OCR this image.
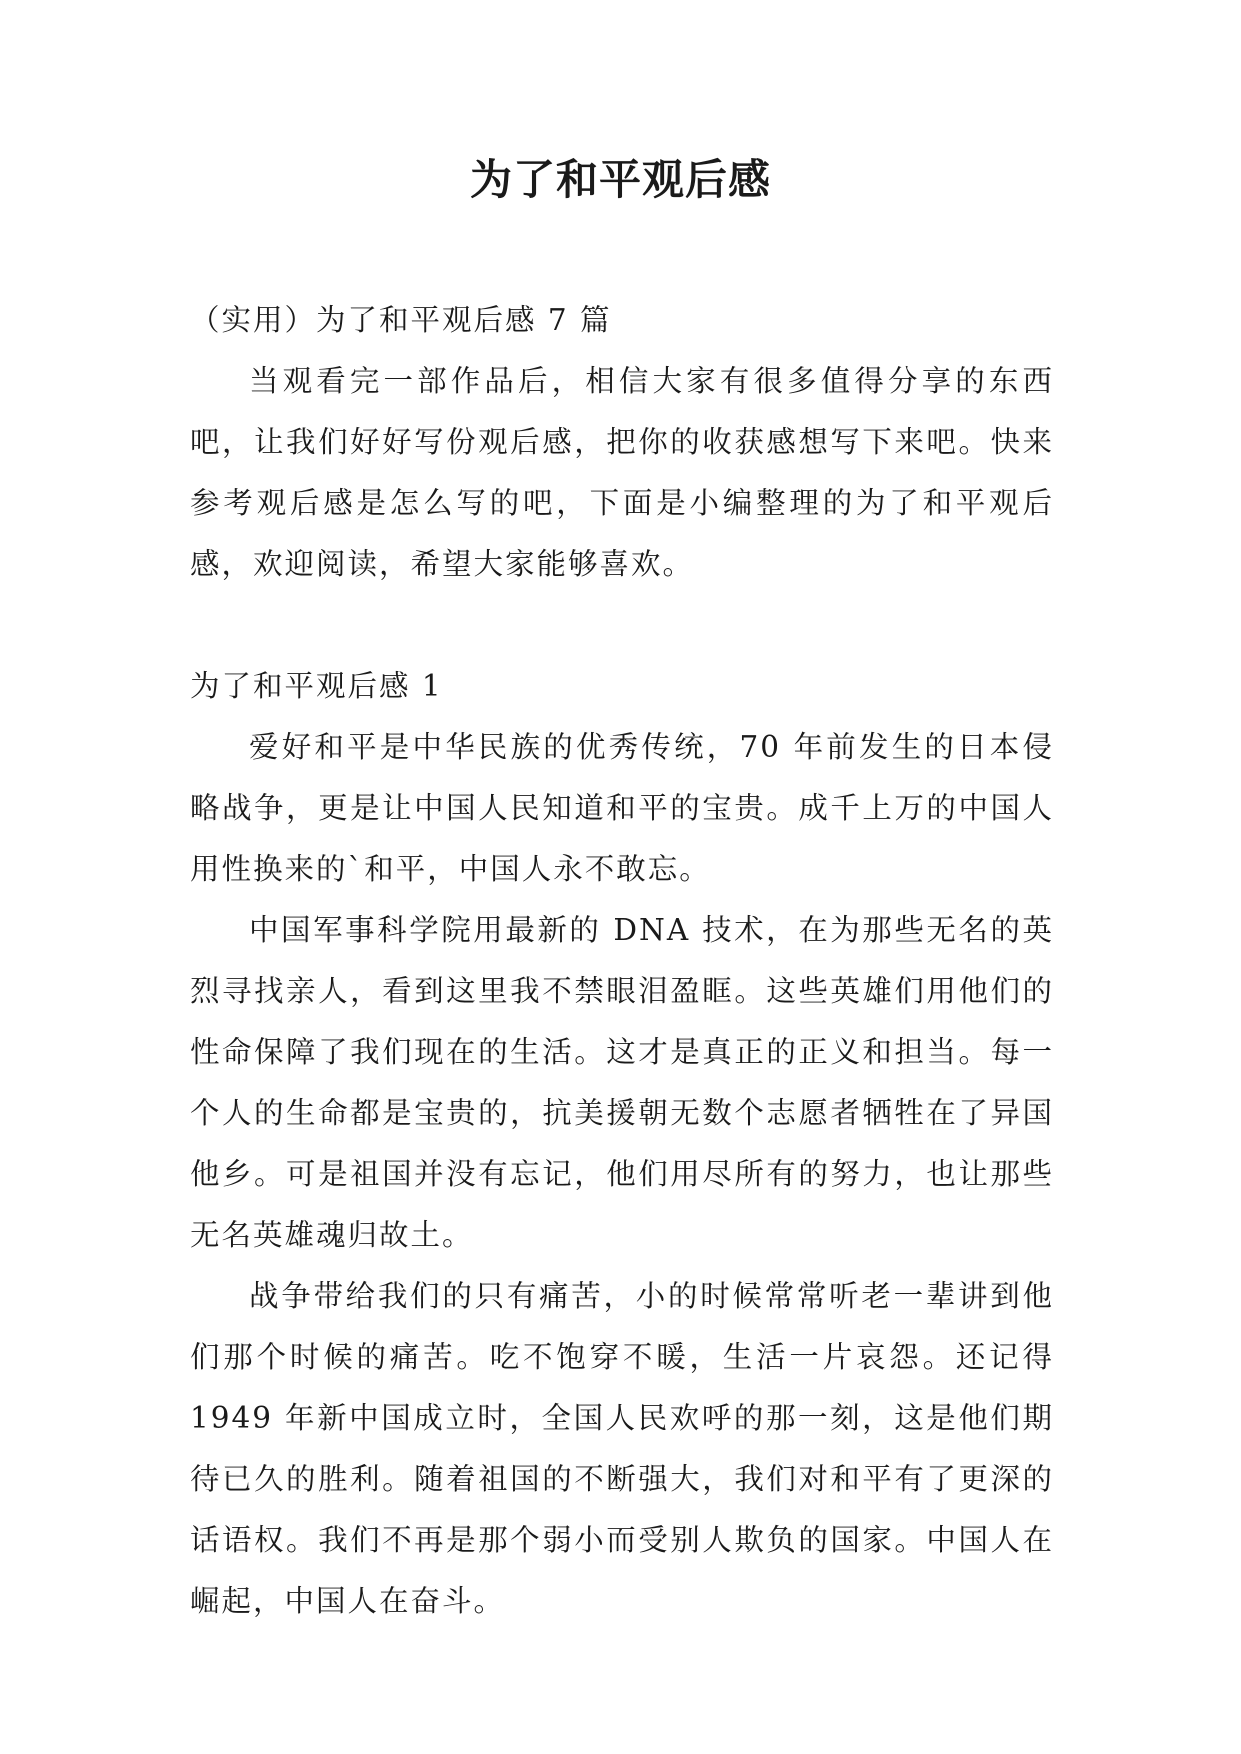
为了和平观后感

（实用）为了和平观后感 7 篇

当观看完一部作品后，相信大家有很多值得分享的东西吧，让我们好好写份观后感，把你的收获感想写下来吧。快来参考观后感是怎么写的吧，下面是小编整理的为了和平观后感，欢迎阅读，希望大家能够喜欢。

为了和平观后感 1

爱好和平是中华民族的优秀传统，70 年前发生的日本侵略战争，更是让中国人民知道和平的宝贵。成千上万的中国人用性换来的`和平，中国人永不敢忘。

中国军事科学院用最新的 DNA 技术，在为那些无名的英烈寻找亲人，看到这里我不禁眼泪盈眶。这些英雄们用他们的性命保障了我们现在的生活。这才是真正的正义和担当。每一个人的生命都是宝贵的，抗美援朝无数个志愿者牺牲在了异国他乡。可是祖国并没有忘记，他们用尽所有的努力，也让那些无名英雄魂归故土。

战争带给我们的只有痛苦，小的时候常常听老一辈讲到他们那个时候的痛苦。吃不饱穿不暖，生活一片哀怨。还记得 1949 年新中国成立时，全国人民欢呼的那一刻，这是他们期待已久的胜利。随着祖国的不断强大，我们对和平有了更深的话语权。我们不再是那个弱小而受别人欺负的国家。中国人在崛起，中国人在奋斗。
